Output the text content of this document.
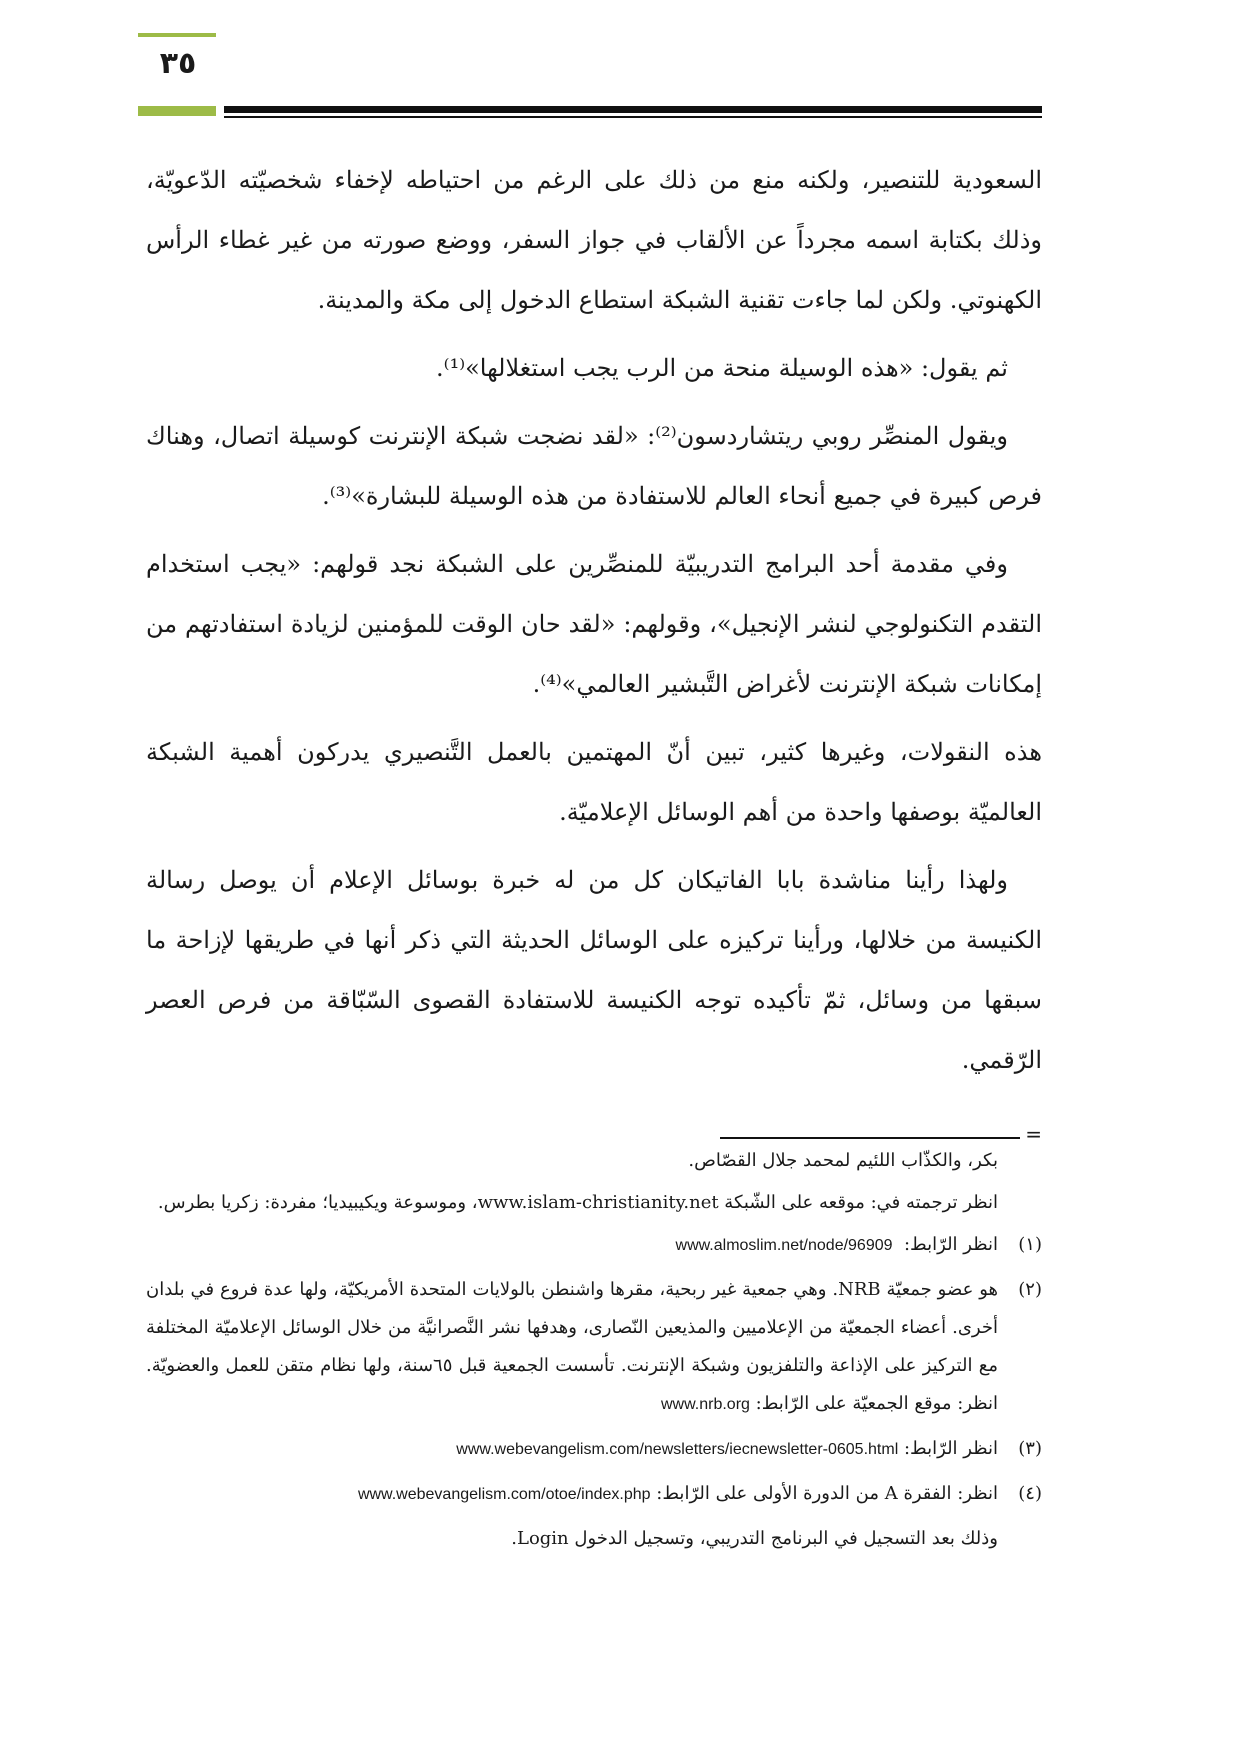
٣٥

السعودية للتنصير، ولكنه منع من ذلك على الرغم من احتياطه لإخفاء شخصيّته الدّعويّة، وذلك بكتابة اسمه مجرداً عن الألقاب في جواز السفر، ووضع صورته من غير غطاء الرأس الكهنوتي. ولكن لما جاءت تقنية الشبكة استطاع الدخول إلى مكة والمدينة.

ثم يقول: «هذه الوسيلة منحة من الرب يجب استغلالها»⁽¹⁾.

ويقول المنصِّر روبي ريتشاردسون⁽²⁾: «لقد نضجت شبكة الإنترنت كوسيلة اتصال، وهناك فرص كبيرة في جميع أنحاء العالم للاستفادة من هذه الوسيلة للبشارة»⁽³⁾.

وفي مقدمة أحد البرامج التدريبيّة للمنصِّرين على الشبكة نجد قولهم: «يجب استخدام التقدم التكنولوجي لنشر الإنجيل»، وقولهم: «لقد حان الوقت للمؤمنين لزيادة استفادتهم من إمكانات شبكة الإنترنت لأغراض التَّبشير العالمي»⁽⁴⁾.

هذه النقولات، وغيرها كثير، تبين أنّ المهتمين بالعمل التَّنصيري يدركون أهمية الشبكة العالميّة بوصفها واحدة من أهم الوسائل الإعلاميّة.

ولهذا رأينا مناشدة بابا الفاتيكان كل من له خبرة بوسائل الإعلام أن يوصل رسالة الكنيسة من خلالها، ورأينا تركيزه على الوسائل الحديثة التي ذكر أنها في طريقها لإزاحة ما سبقها من وسائل، ثمّ تأكيده توجه الكنيسة للاستفادة القصوى السّبّاقة من فرص العصر الرّقمي.

=
بكر، والكذّاب اللئيم لمحمد جلال القصّاص.
انظر ترجمته في: موقعه على الشّبكة www.islam-christianity.net، وموسوعة ويكيبيديا؛ مفردة: زكريا بطرس.
(١)
انظر الرّابط:  www.almoslim.net/node/96909
(٢)
هو عضو جمعيّة NRB. وهي جمعية غير ربحية، مقرها واشنطن بالولايات المتحدة الأمريكيّة، ولها عدة فروع في بلدان أخرى. أعضاء الجمعيّة من الإعلاميين والمذيعين النّصارى، وهدفها نشر النَّصرانيَّة من خلال الوسائل الإعلاميّة المختلفة مع التركيز على الإذاعة والتلفزيون وشبكة الإنترنت. تأسست الجمعية قبل ٦٥سنة، ولها نظام متقن للعمل والعضويّة. انظر: موقع الجمعيّة على الرّابط: www.nrb.org
(٣)
انظر الرّابط: www.webevangelism.com/newsletters/iecnewsletter-0605.html
(٤)
انظر: الفقرة A من الدورة الأولى على الرّابط: www.webevangelism.com/otoe/index.php
وذلك بعد التسجيل في البرنامج التدريبي، وتسجيل الدخول Login.
